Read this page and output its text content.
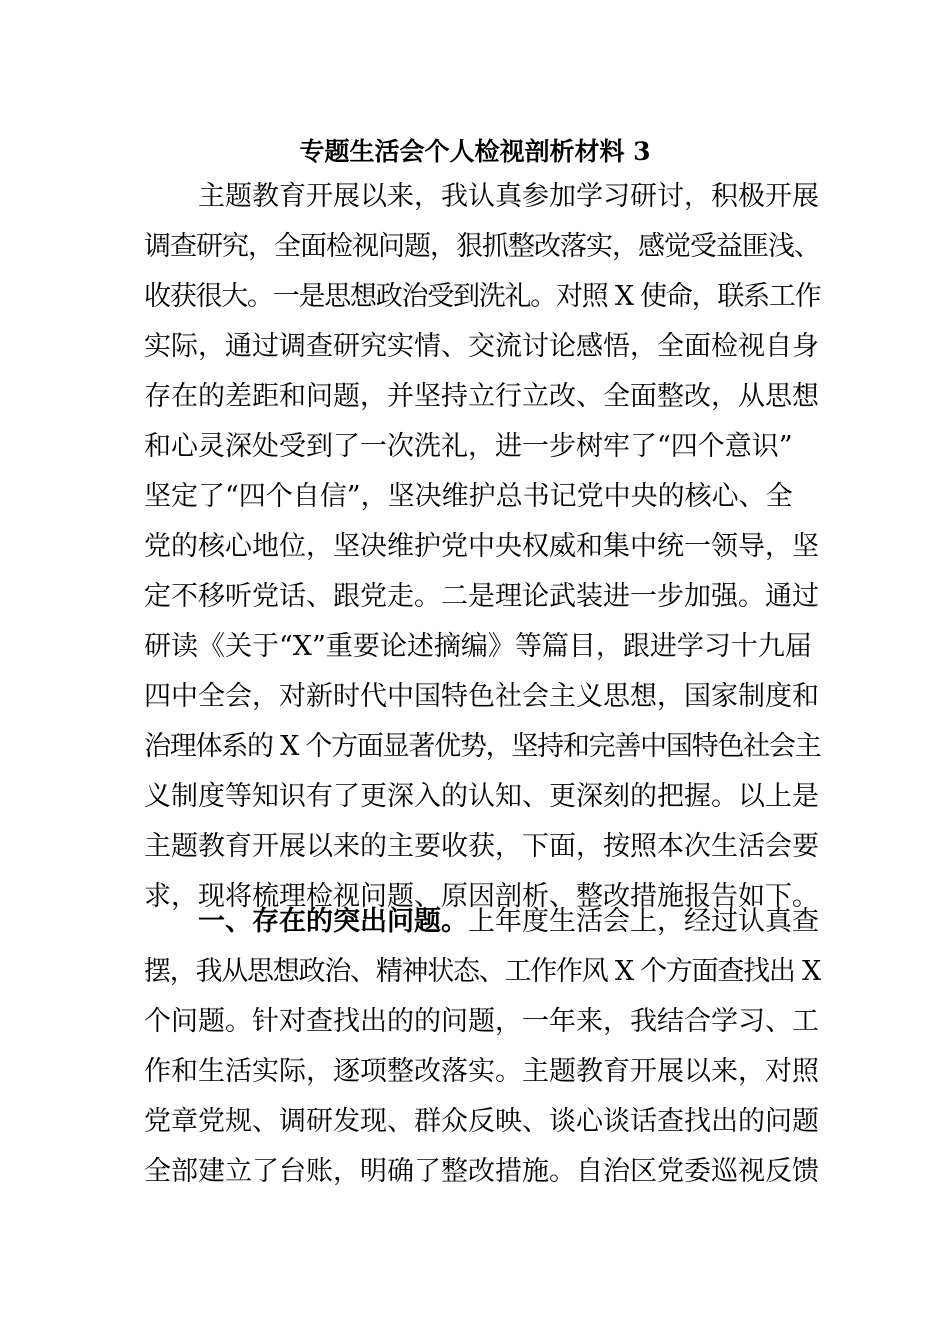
专题生活会个人检视剖析材料 3
主题教育开展以来，我认真参加学习研讨，积极开展
调查研究，全面检视问题，狠抓整改落实，感觉受益匪浅、
收获很大。一是思想政治受到洗礼。对照 X 使命，联系工作
实际，通过调查研究实情、交流讨论感悟，全面检视自身
存在的差距和问题，并坚持立行立改、全面整改，从思想
和心灵深处受到了一次洗礼，进一步树牢了“四个意识”
坚定了“四个自信”，坚决维护总书记党中央的核心、全
党的核心地位，坚决维护党中央权威和集中统一领导，坚
定不移听党话、跟党走。二是理论武装进一步加强。通过
研读《关于“X”重要论述摘编》等篇目，跟进学习十九届
四中全会，对新时代中国特色社会主义思想，国家制度和
治理体系的 X 个方面显著优势，坚持和完善中国特色社会主
义制度等知识有了更深入的认知、更深刻的把握。以上是
主题教育开展以来的主要收获，下面，按照本次生活会要
求，现将梳理检视问题、原因剖析、整改措施报告如下。
一、存在的突出问题。上年度生活会上，经过认真查
摆，我从思想政治、精神状态、工作作风 X 个方面查找出 X
个问题。针对查找出的的问题，一年来，我结合学习、工
作和生活实际，逐项整改落实。主题教育开展以来，对照
党章党规、调研发现、群众反映、谈心谈话查找出的问题
全部建立了台账，明确了整改措施。自治区党委巡视反馈
